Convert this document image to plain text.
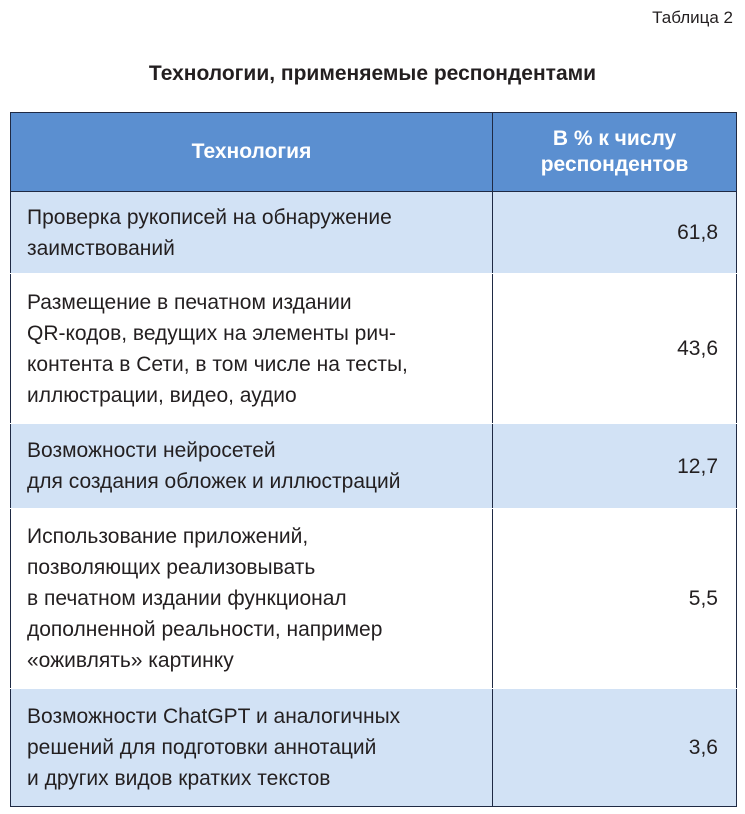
Таблица 2
Технологии, применяемые респондентами
Технология	В % к числу
респондентов

Проверка рукописей на обнаружение
заимствований	61,8

Размещение в печатном издании
QR-кодов, ведущих на элементы рич-
контента в Сети, в том числе на тесты,
иллюстрации, видео, аудио	43,6

Возможности нейросетей
для создания обложек и иллюстраций	12,7

Использование приложений,
позволяющих реализовывать
в печатном издании функционал
дополненной реальности, например
«оживлять» картинку	5,5

Возможности ChatGPT и аналогичных
решений для подготовки аннотаций
и других видов кратких текстов	3,6
